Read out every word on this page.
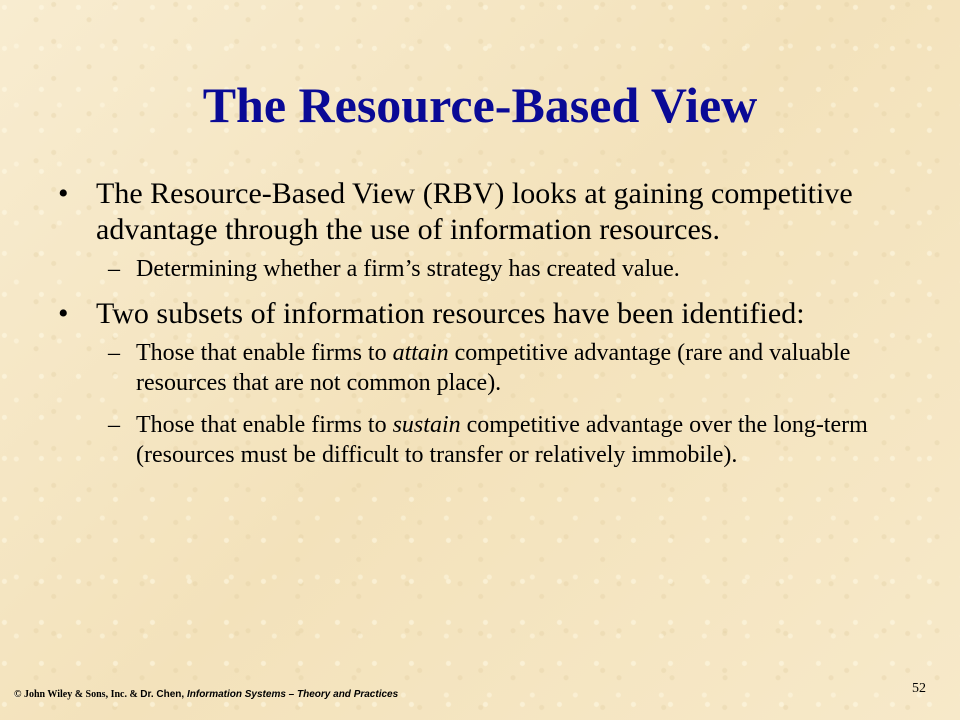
The Resource-Based View
• The Resource-Based View (RBV) looks at gaining competitive advantage through the use of information resources.
– Determining whether a firm’s strategy has created value.
• Two subsets of information resources have been identified:
– Those that enable firms to attain competitive advantage (rare and valuable resources that are not common place).
– Those that enable firms to sustain competitive advantage over the long-term (resources must be difficult to transfer or relatively immobile).
© John Wiley & Sons, Inc. & Dr. Chen, Information Systems – Theory and Practices	52
